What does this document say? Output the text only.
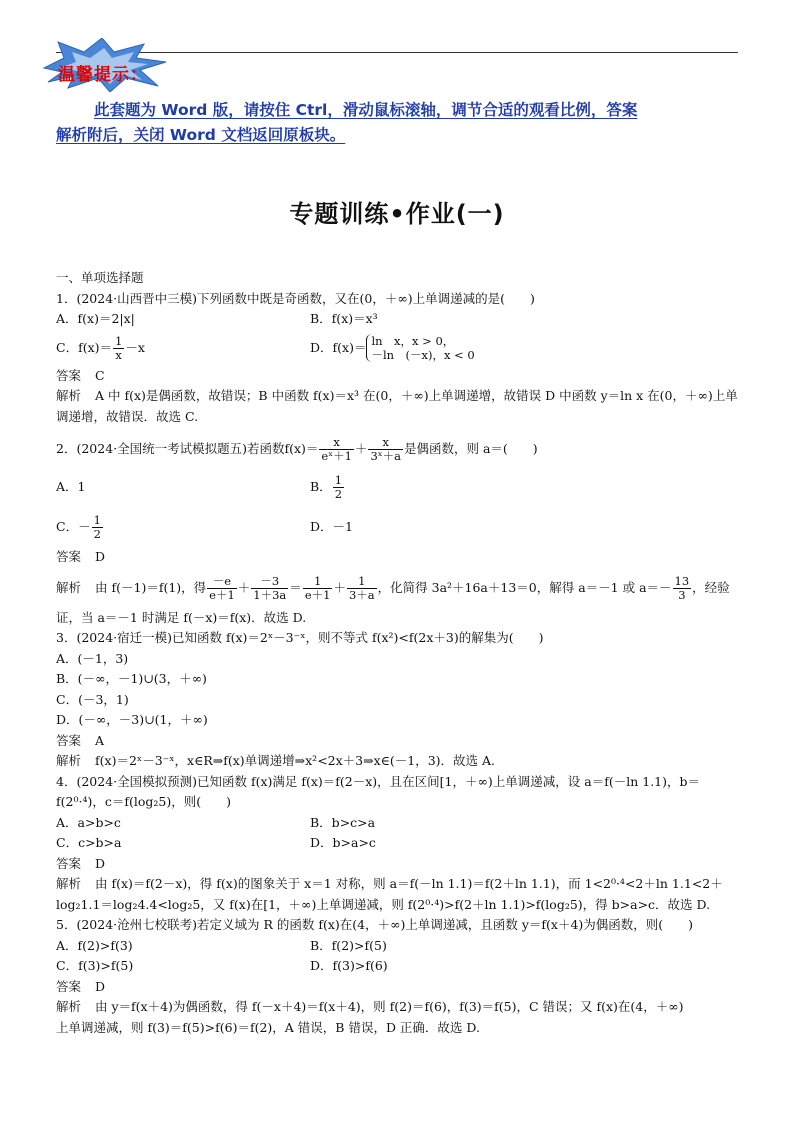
温馨提示：
此套题为 Word 版，请按住 Ctrl，滑动鼠标滚轴，调节合适的观看比例，答案
解析附后，关闭 Word 文档返回原板块。
专题训练•作业(一)
一、单项选择题
1．(2024·山西晋中三模)下列函数中既是奇函数，又在(0，＋∞)上单调递减的是(　　)
A．f(x)＝2|x|	B．f(x)＝x³
C．$f(x)= \frac{1}{x} -x$	D．f(x)＝ ln　x，x > 0，
－ln　(－x)，x < 0
答案 C
解析 A 中 f(x)是偶函数，故错误；B 中函数 f(x)＝x³ 在(0，＋∞)上单调递增，故错误 D 中函数 y＝ln x 在(0，＋∞)上单调递增，故错误．故选 C.
2．(2024·全国统一考试模拟题五)若函数$f(x)= \frac{x}{\text{eˣ＋1}} + \frac{x}{\text{3ˣ＋a}}$ 是偶函数，则 a＝(　　)
A．1	B． $\frac{1}{2}$
C．－ $\frac{1}{2}$	D．－1
答案 D
解析 由 f(－1)＝f(1)，得 $\frac{-e}{e+1} + \frac{-3}{1+3a} = \frac{1}{e+1} + \frac{1}{3+a}$ ，化简得 3a²＋16a＋13＝0，解得 a＝－1 或 $a=- \frac{13}{3}$ ，经验
证，当 a＝－1 时满足 f(－x)＝f(x)．故选 D.
3．(2024·宿迁一模)已知函数 f(x)＝2ˣ－3⁻ˣ，则不等式 f(x²)<f(2x＋3)的解集为(　　)
A．(－1，3)
B．(－∞，－1)∪(3，＋∞)
C．(－3，1)
D．(－∞，－3)∪(1，＋∞)
答案 A
解析 f(x)＝2ˣ－3⁻ˣ，x∈R⇒f(x)单调递增⇒x²<2x＋3⇒x∈(－1，3)．故选 A.
4．(2024·全国模拟预测)已知函数 f(x)满足 f(x)＝f(2－x)，且在区间[1，＋∞)上单调递减，设 a＝f(－ln 1.1)，b＝
f(2⁰·⁴)，c＝f(log₂5)，则(　　)
A．a>b>c	B．b>c>a
C．c>b>a	D．b>a>c
答案 D
解析 由 f(x)＝f(2－x)，得 f(x)的图象关于 x＝1 对称，则 a＝f(－ln 1.1)＝f(2＋ln 1.1)，而 1<2⁰·⁴<2＋ln 1.1<2＋
log₂1.1＝log₂4.4<log₂5，又 f(x)在[1，＋∞)上单调递减，则 f(2⁰·⁴)>f(2＋ln 1.1)>f(log₂5)，得 b>a>c．故选 D.
5．(2024·沧州七校联考)若定义域为 R 的函数 f(x)在(4，＋∞)上单调递减，且函数 y＝f(x＋4)为偶函数，则(　　)
A．f(2)>f(3)	B．f(2)>f(5)
C．f(3)>f(5)	D．f(3)>f(6)
答案 D
解析 由 y＝f(x＋4)为偶函数，得 f(－x＋4)＝f(x＋4)，则 f(2)＝f(6)，f(3)＝f(5)，C 错误；又 f(x)在(4，＋∞)
上单调递减，则 f(3)＝f(5)>f(6)＝f(2)，A 错误，B 错误，D 正确．故选 D.
